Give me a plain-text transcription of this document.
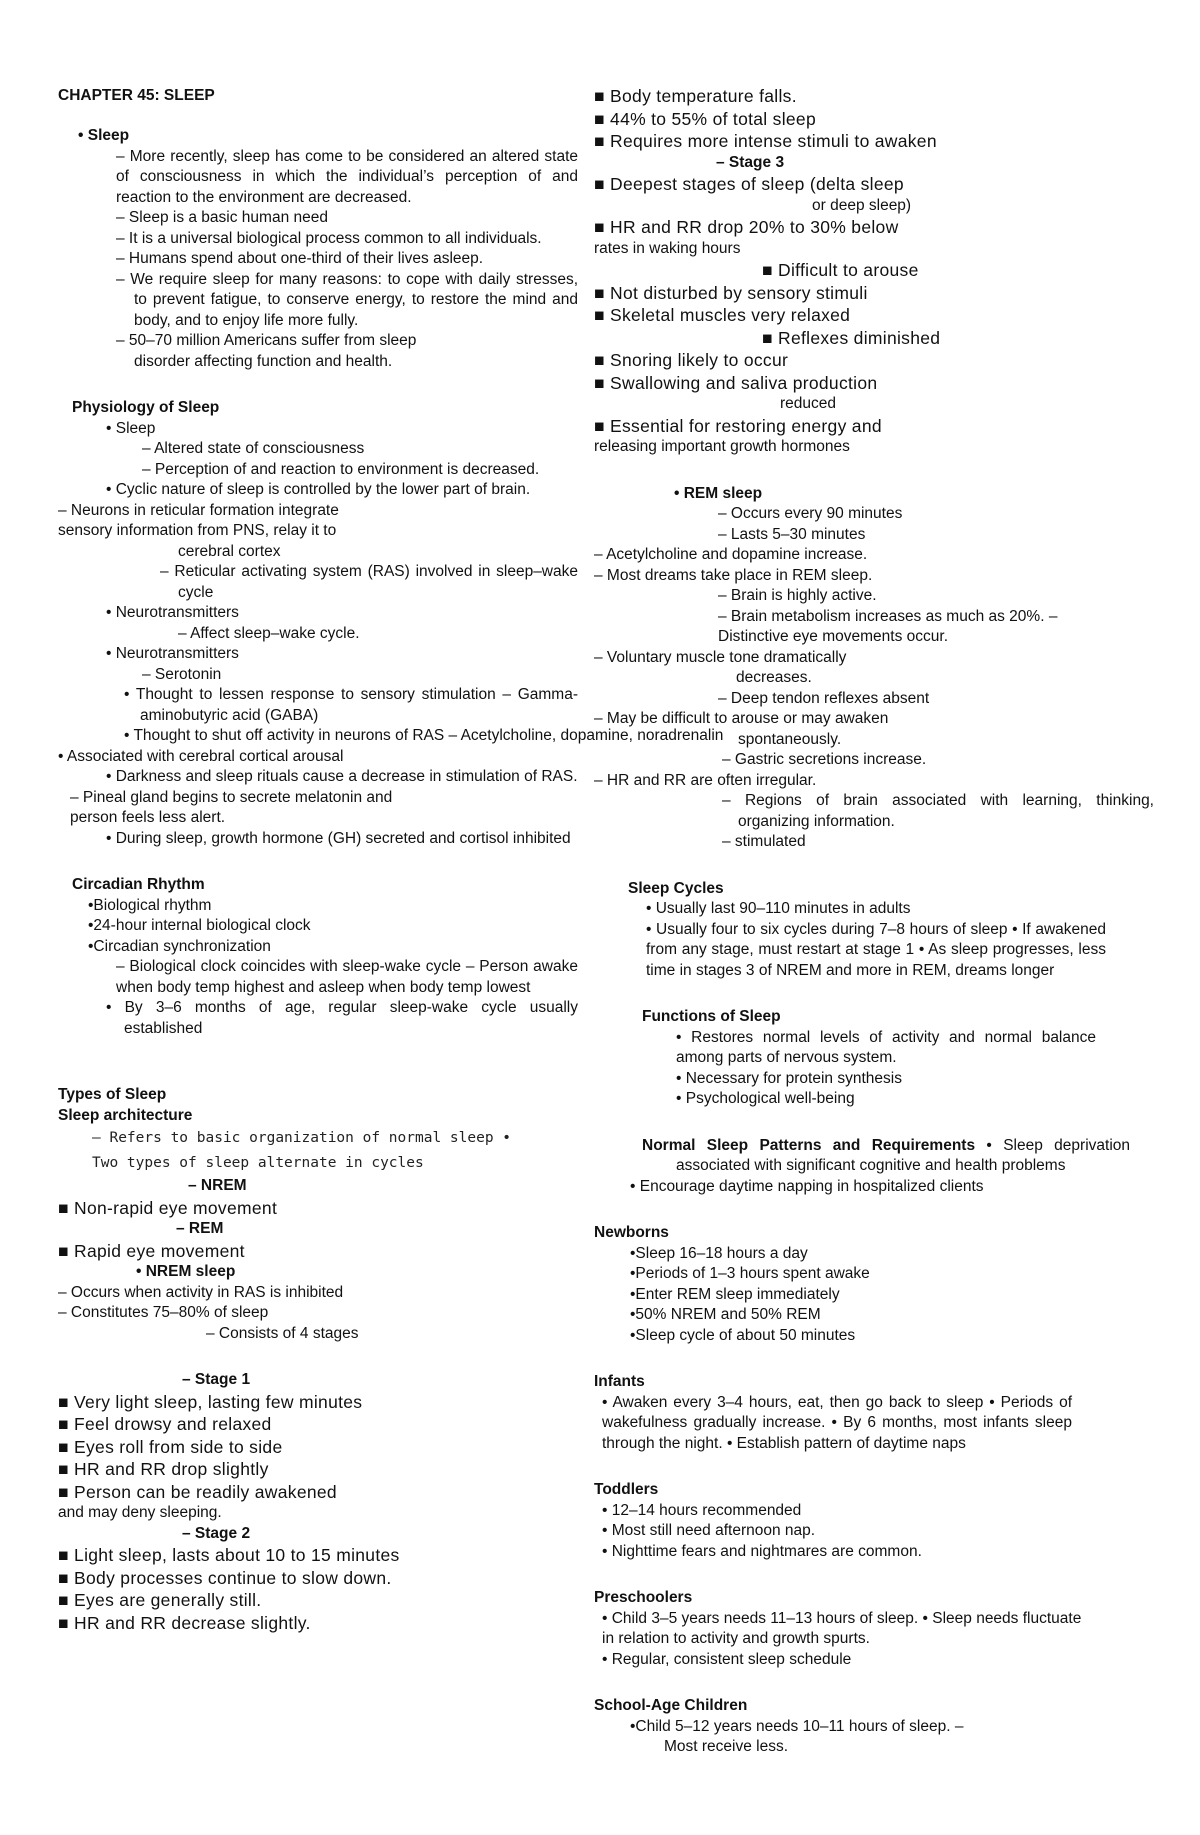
CHAPTER 45: SLEEP
• Sleep
– More recently, sleep has come to be considered an altered state of consciousness in which the individual’s perception of and reaction to the environment are decreased.
– Sleep is a basic human need
– It is a universal biological process common to all individuals.
– Humans spend about one-third of their lives asleep.
– We require sleep for many reasons: to cope with daily stresses, to prevent fatigue, to conserve energy, to restore the mind and body, and to enjoy life more fully.
– 50–70 million Americans suffer from sleep
disorder affecting function and health.
Physiology of Sleep
• Sleep
– Altered state of consciousness
– Perception of and reaction to environment is decreased.
• Cyclic nature of sleep is controlled by the lower part of brain.
– Neurons in reticular formation integrate
sensory information from PNS, relay it to
cerebral cortex
– Reticular activating system (RAS) involved in sleep–wake cycle
• Neurotransmitters
– Affect sleep–wake cycle.
• Neurotransmitters
– Serotonin
• Thought to lessen response to sensory stimulation – Gamma-aminobutyric acid (GABA)
• Thought to shut off activity in neurons of RAS – Acetylcholine, dopamine, noradrenalin
• Associated with cerebral cortical arousal
• Darkness and sleep rituals cause a decrease in stimulation of RAS.
– Pineal gland begins to secrete melatonin and
person feels less alert.
• During sleep, growth hormone (GH) secreted and cortisol inhibited
Circadian Rhythm
•Biological rhythm
•24-hour internal biological clock
•Circadian synchronization
– Biological clock coincides with sleep-wake cycle – Person awake when body temp highest and asleep when body temp lowest
• By 3–6 months of age, regular sleep-wake cycle usually established
Types of Sleep
Sleep architecture
– Refers to basic organization of normal sleep • Two types of sleep alternate in cycles
– NREM
■ Non-rapid eye movement
– REM
■ Rapid eye movement
• NREM sleep
– Occurs when activity in RAS is inhibited
– Constitutes 75–80% of sleep
– Consists of 4 stages
– Stage 1
■ Very light sleep, lasting few minutes
■ Feel drowsy and relaxed
■ Eyes roll from side to side
■ HR and RR drop slightly
■ Person can be readily awakened
and may deny sleeping.
– Stage 2
■ Light sleep, lasts about 10 to 15 minutes
■ Body processes continue to slow down.
■ Eyes are generally still.
■ HR and RR decrease slightly.
■ Body temperature falls.
■ 44% to 55% of total sleep
■ Requires more intense stimuli to awaken
– Stage 3
■ Deepest stages of sleep (delta sleep
or deep sleep)
■ HR and RR drop 20% to 30% below
rates in waking hours
■ Difficult to arouse
■ Not disturbed by sensory stimuli
■ Skeletal muscles very relaxed
■ Reflexes diminished
■ Snoring likely to occur
■ Swallowing and saliva production
reduced
■ Essential for restoring energy and
releasing important growth hormones
• REM sleep
– Occurs every 90 minutes
– Lasts 5–30 minutes
– Acetylcholine and dopamine increase.
– Most dreams take place in REM sleep.
– Brain is highly active.
– Brain metabolism increases as much as 20%. –
Distinctive eye movements occur.
– Voluntary muscle tone dramatically
decreases.
– Deep tendon reflexes absent
– May be difficult to arouse or may awaken
spontaneously.
– Gastric secretions increase.
– HR and RR are often irregular.
– Regions of brain associated with learning, thinking, organizing information.
– stimulated
Sleep Cycles
• Usually last 90–110 minutes in adults
• Usually four to six cycles during 7–8 hours of sleep • If awakened from any stage, must restart at stage 1 • As sleep progresses, less time in stages 3 of NREM and more in REM, dreams longer
Functions of Sleep
• Restores normal levels of activity and normal balance among parts of nervous system.
• Necessary for protein synthesis
• Psychological well-being
Normal Sleep Patterns and Requirements • Sleep deprivation associated with significant cognitive and health problems
• Encourage daytime napping in hospitalized clients
Newborns
•Sleep 16–18 hours a day
•Periods of 1–3 hours spent awake
•Enter REM sleep immediately
•50% NREM and 50% REM
•Sleep cycle of about 50 minutes
Infants
• Awaken every 3–4 hours, eat, then go back to sleep • Periods of wakefulness gradually increase. • By 6 months, most infants sleep through the night. • Establish pattern of daytime naps
Toddlers
• 12–14 hours recommended
• Most still need afternoon nap.
• Nighttime fears and nightmares are common.
Preschoolers
• Child 3–5 years needs 11–13 hours of sleep. • Sleep needs fluctuate in relation to activity and growth spurts.
• Regular, consistent sleep schedule
School-Age Children
•Child 5–12 years needs 10–11 hours of sleep. –
Most receive less.
